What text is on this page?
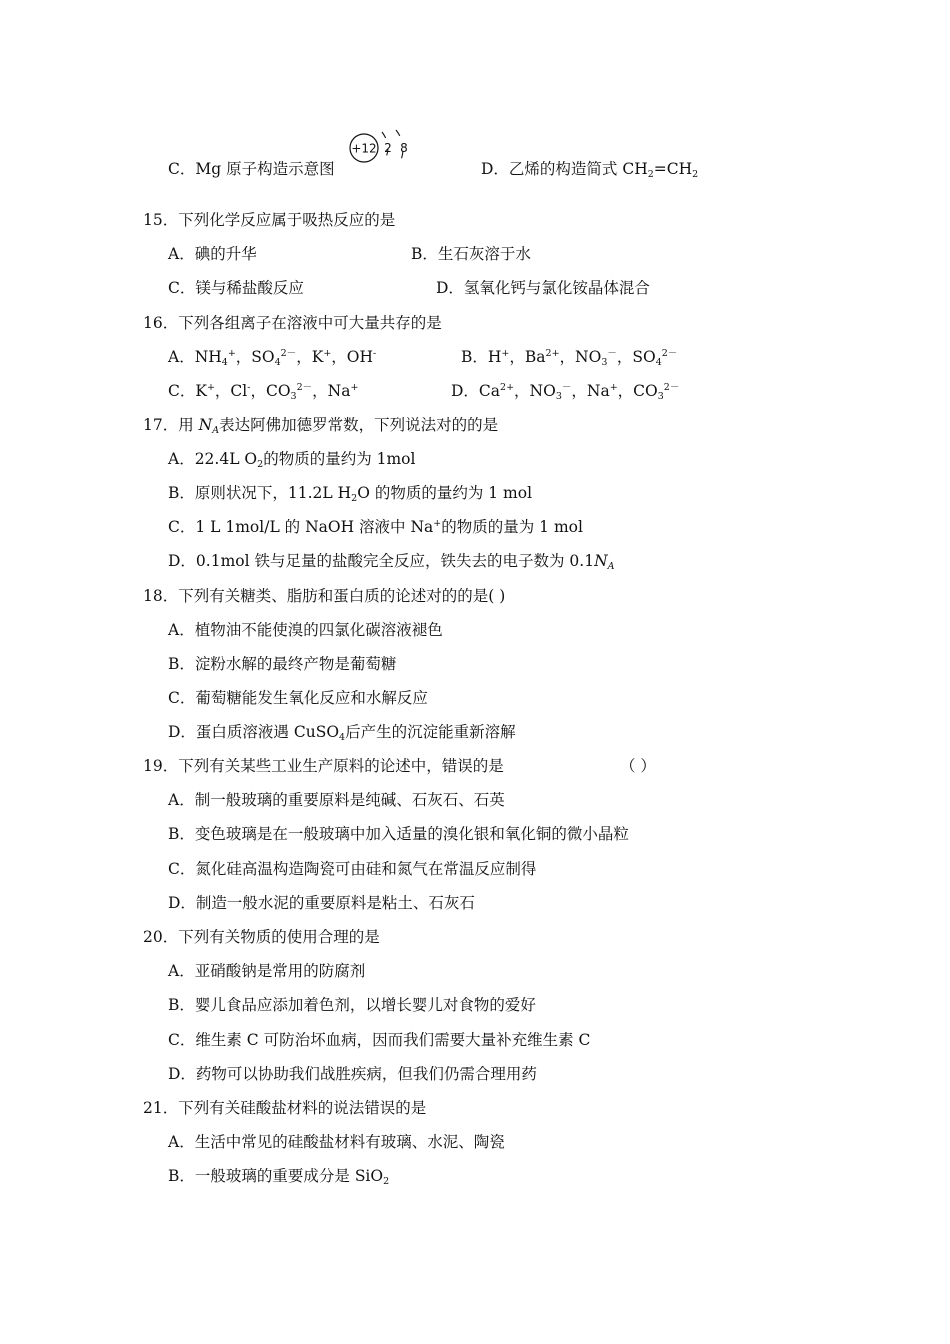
C．Mg 原子构造示意图
+12 2 8
D．乙烯的构造简式 $CH_2=CH_2$
15．下列化学反应属于吸热反应的是
A．碘的升华	B．生石灰溶于水
C．镁与稀盐酸反应	D．氢氧化钙与氯化铵晶体混合
16．下列各组离子在溶液中可大量共存的是
A．$NH_4^+$，$SO_4^{2-}$，K+，OH-	B．H+，$Ba^{2+}$，$NO_3^-$，$SO_4^{2-}$
C．K+，Cl-，$CO_3^{2-}$，Na+	D．$Ca^{2+}$，$NO_3^-$，Na+，$CO_3^{2-}$
17．用 $N_A$表达阿佛加德罗常数，下列说法对的的是
A．22.4L $O_2$的物质的量约为 1mol
B．原则状况下，11.2L $H_2O$ 的物质的量约为 1 mol
C．1 L 1mol/L 的 NaOH 溶液中 Na+的物质的量为 1 mol
D．0.1mol 铁与足量的盐酸完全反应，铁失去的电子数为 $0.1N_A$
18．下列有关糖类、脂肪和蛋白质的论述对的的是( )
A．植物油不能使溴的四氯化碳溶液褪色
B．淀粉水解的最终产物是葡萄糖
C．葡萄糖能发生氧化反应和水解反应
D．蛋白质溶液遇 CuSO$_4$后产生的沉淀能重新溶解
19．下列有关某些工业生产原料的论述中，错误的是	（ ）
A．制一般玻璃的重要原料是纯碱、石灰石、石英
B．变色玻璃是在一般玻璃中加入适量的溴化银和氧化铜的微小晶粒
C．氮化硅高温构造陶瓷可由硅和氮气在常温反应制得
D．制造一般水泥的重要原料是粘土、石灰石
20．下列有关物质的使用合理的是
A．亚硝酸钠是常用的防腐剂
B．婴儿食品应添加着色剂，以增长婴儿对食物的爱好
C．维生素 C 可防治坏血病，因而我们需要大量补充维生素 C
D．药物可以协助我们战胜疾病，但我们仍需合理用药
21．下列有关硅酸盐材料的说法错误的是
A．生活中常见的硅酸盐材料有玻璃、水泥、陶瓷
B．一般玻璃的重要成分是 SiO$_2$
